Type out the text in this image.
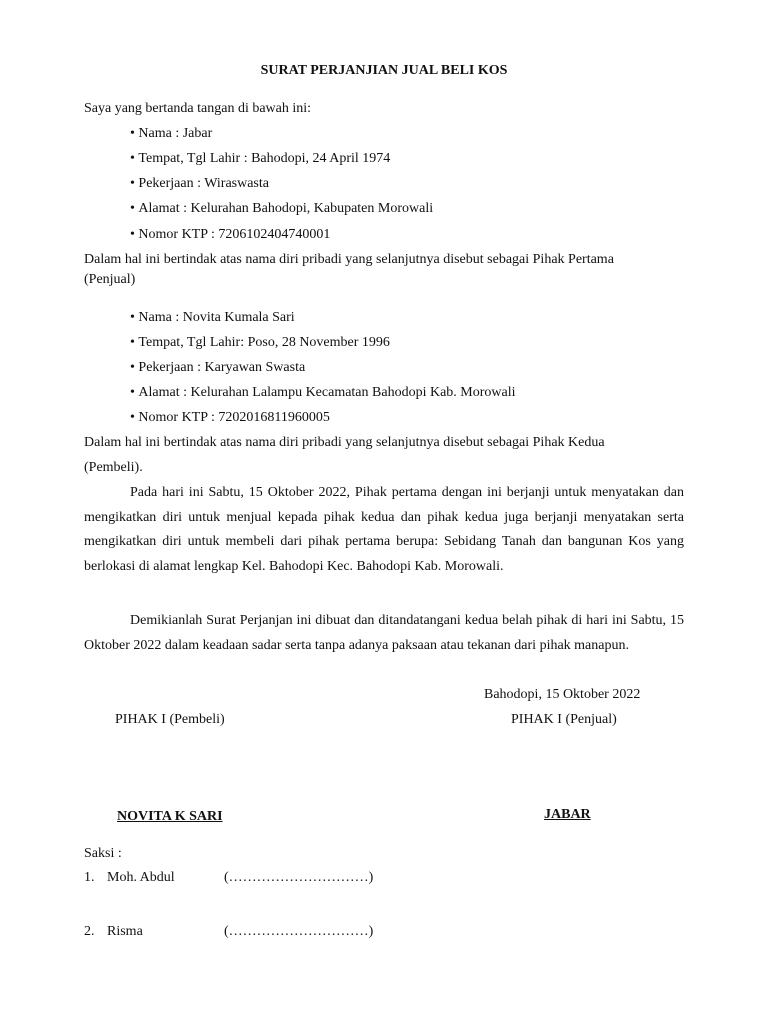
SURAT PERJANJIAN JUAL BELI KOS
Saya yang bertanda tangan di bawah ini:
• Nama : Jabar
• Tempat, Tgl Lahir : Bahodopi, 24 April 1974
• Pekerjaan : Wiraswasta
• Alamat : Kelurahan Bahodopi, Kabupaten Morowali
• Nomor KTP : 7206102404740001
Dalam hal ini bertindak atas nama diri pribadi yang selanjutnya disebut sebagai Pihak Pertama
(Penjual)
• Nama : Novita Kumala Sari
• Tempat, Tgl Lahir: Poso, 28 November 1996
• Pekerjaan : Karyawan Swasta
• Alamat : Kelurahan Lalampu Kecamatan Bahodopi Kab. Morowali
• Nomor KTP : 7202016811960005
Dalam hal ini bertindak atas nama diri pribadi yang selanjutnya disebut sebagai Pihak Kedua
(Pembeli).
Pada hari ini Sabtu, 15 Oktober 2022, Pihak pertama dengan ini berjanji untuk menyatakan dan mengikatkan diri untuk menjual kepada pihak kedua dan pihak kedua juga berjanji menyatakan serta mengikatkan diri untuk membeli dari pihak pertama berupa: Sebidang Tanah dan bangunan Kos yang berlokasi di alamat lengkap Kel. Bahodopi Kec. Bahodopi Kab. Morowali.
Demikianlah Surat Perjanjan ini dibuat dan ditandatangani kedua belah pihak di hari ini Sabtu, 15 Oktober 2022 dalam keadaan sadar serta tanpa adanya paksaan atau tekanan dari pihak manapun.
Bahodopi, 15 Oktober 2022
PIHAK I (Pembeli)	PIHAK I (Penjual)
NOVITA K SARI	JABAR
Saksi :
1. Moh. Abdul	(…………………………)
2. Risma	(…………………………)
